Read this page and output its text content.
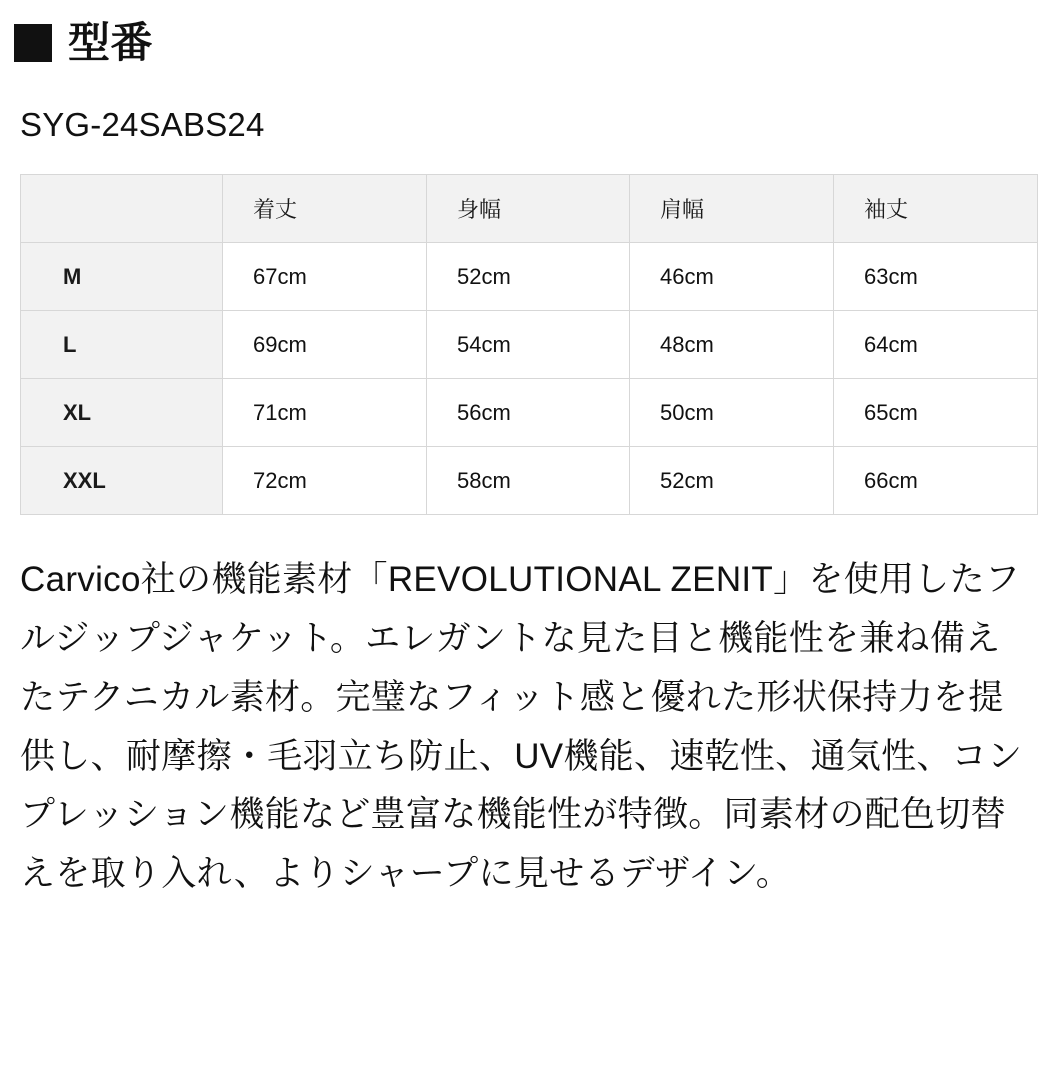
型番
SYG-24SABS24
	着丈	身幅	肩幅	袖丈
M	67cm	52cm	46cm	63cm
L	69cm	54cm	48cm	64cm
XL	71cm	56cm	50cm	65cm
XXL	72cm	58cm	52cm	66cm

Carvico社の機能素材「REVOLUTIONAL ZENIT」を使用したフルジップジャケット。エレガントな見た目と機能性を兼ね備えたテクニカル素材。完璧なフィット感と優れた形状保持力を提供し、耐摩擦・毛羽立ち防止、UV機能、速乾性、通気性、コンプレッション機能など豊富な機能性が特徴。同素材の配色切替えを取り入れ、よりシャープに見せるデザイン。
